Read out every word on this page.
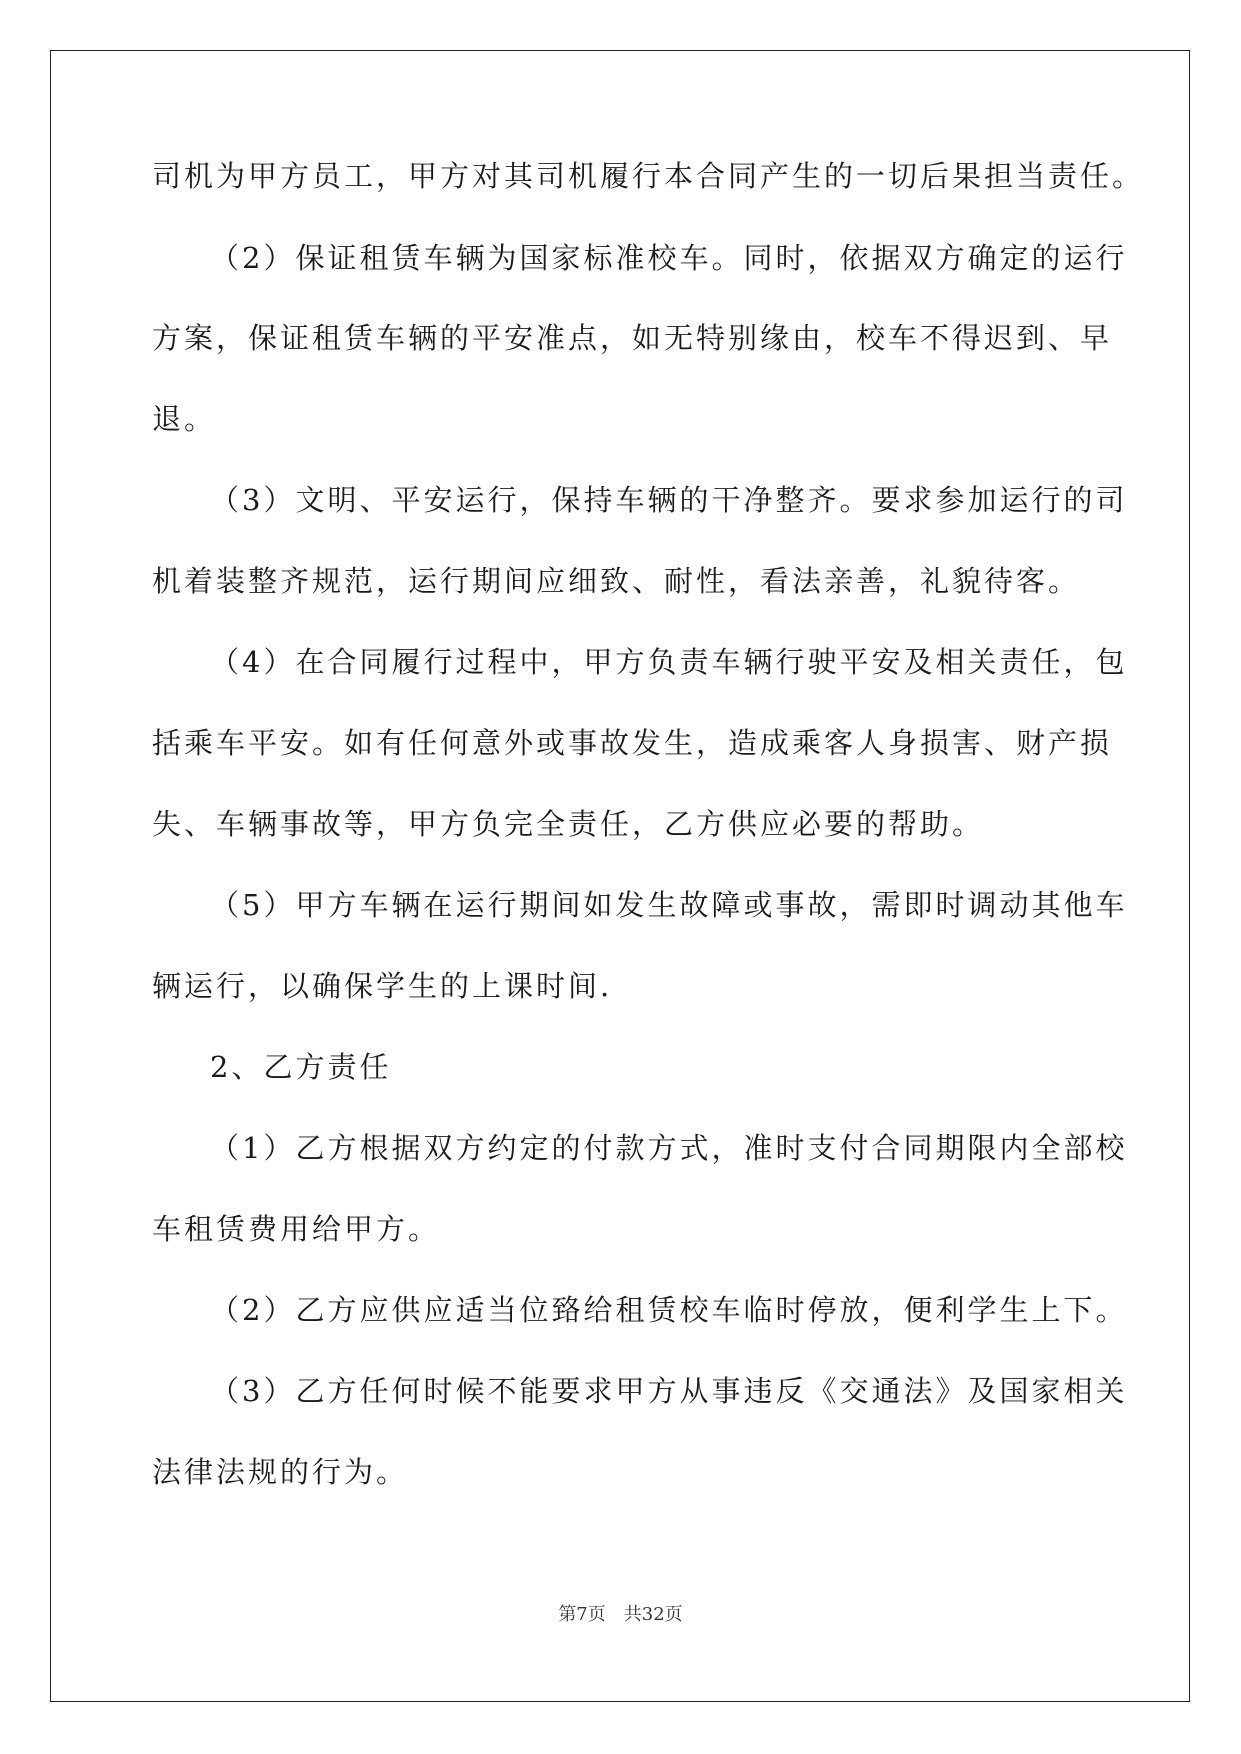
司机为甲方员工，甲方对其司机履行本合同产生的一切后果担当责任。
（2）保证租赁车辆为国家标准校车。同时，依据双方确定的运行
方案，保证租赁车辆的平安准点，如无特别缘由，校车不得迟到、早
退。
（3）文明、平安运行，保持车辆的干净整齐。要求参加运行的司
机着装整齐规范，运行期间应细致、耐性，看法亲善，礼貌待客。
（4）在合同履行过程中，甲方负责车辆行驶平安及相关责任，包
括乘车平安。如有任何意外或事故发生，造成乘客人身损害、财产损
失、车辆事故等，甲方负完全责任，乙方供应必要的帮助。
（5）甲方车辆在运行期间如发生故障或事故，需即时调动其他车
辆运行，以确保学生的上课时间.
2、乙方责任
（1）乙方根据双方约定的付款方式，准时支付合同期限内全部校
车租赁费用给甲方。
（2）乙方应供应适当位臵给租赁校车临时停放，便利学生上下。
（3）乙方任何时候不能要求甲方从事违反《交通法》及国家相关
法律法规的行为。
第7页　共32页
